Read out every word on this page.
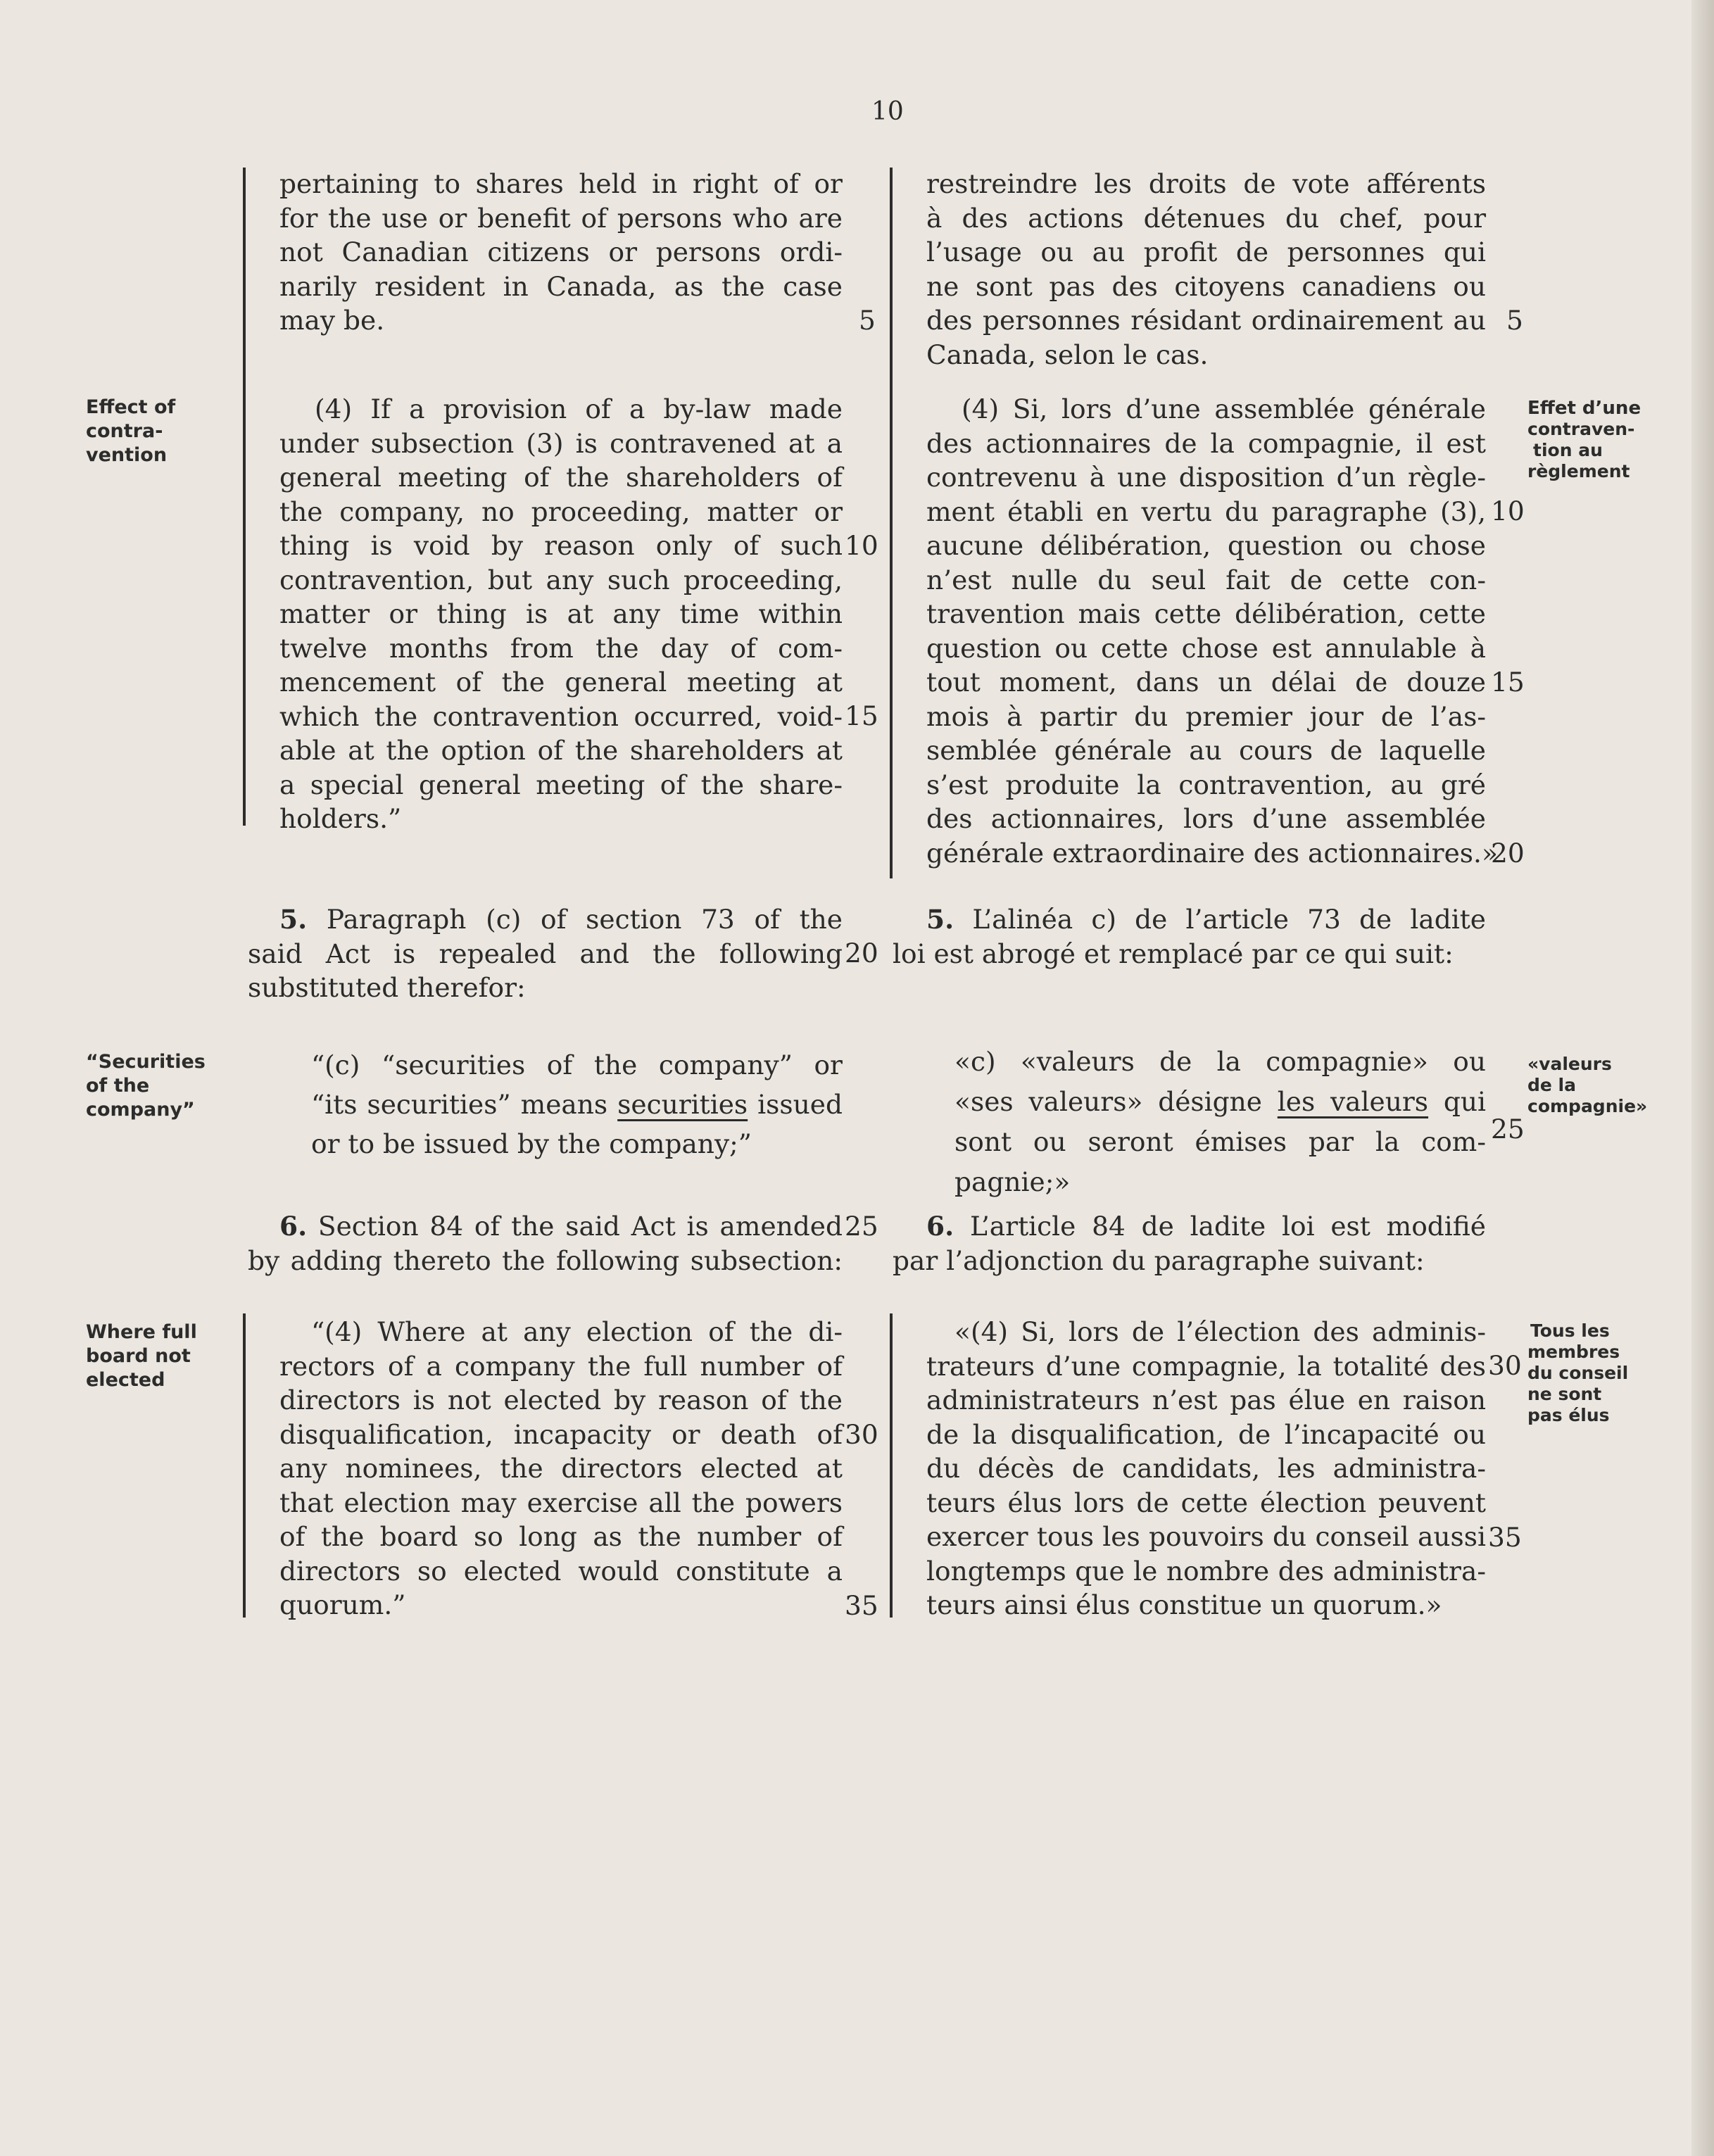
10
pertaining to shares held in right of or
for the use or benefit of persons who are
not Canadian citizens or persons ordi-
narily resident in Canada, as the case
may be.
(4) If a provision of a by-law made
under subsection (3) is contravened at a
general meeting of the shareholders of
the company, no proceeding, matter or
thing is void by reason only of such
contravention, but any such proceeding,
matter or thing is at any time within
twelve months from the day of com-
mencement of the general meeting at
which the contravention occurred, void-
able at the option of the shareholders at
a special general meeting of the share-
holders.”
5. Paragraph (c) of section 73 of the
said Act is repealed and the following
substituted therefor:
“(c) “securities of the company” or
“its securities” means securities issued
or to be issued by the company;”
6. Section 84 of the said Act is amended
by adding thereto the following subsection:
“(4) Where at any election of the di-
rectors of a company the full number of
directors is not elected by reason of the
disqualification, incapacity or death of
any nominees, the directors elected at
that election may exercise all the powers
of the board so long as the number of
directors so elected would constitute a
quorum.”
5
10
15
20
25
30
35
restreindre les droits de vote afférents
à des actions détenues du chef, pour
l’usage ou au profit de personnes qui
ne sont pas des citoyens canadiens ou
des personnes résidant ordinairement au
Canada, selon le cas.
(4) Si, lors d’une assemblée générale
des actionnaires de la compagnie, il est
contrevenu à une disposition d’un règle-
ment établi en vertu du paragraphe (3),
aucune délibération, question ou chose
n’est nulle du seul fait de cette con-
travention mais cette délibération, cette
question ou cette chose est annulable à
tout moment, dans un délai de douze
mois à partir du premier jour de l’as-
semblée générale au cours de laquelle
s’est produite la contravention, au gré
des actionnaires, lors d’une assemblée
générale extraordinaire des actionnaires.»
5. L’alinéa c) de l’article 73 de ladite
loi est abrogé et remplacé par ce qui suit:
«c) «valeurs de la compagnie» ou
«ses valeurs» désigne les valeurs qui
sont ou seront émises par la com-
pagnie;»
6. L’article 84 de ladite loi est modifié
par l’adjonction du paragraphe suivant:
«(4) Si, lors de l’élection des adminis-
trateurs d’une compagnie, la totalité des
administrateurs n’est pas élue en raison
de la disqualification, de l’incapacité ou
du décès de candidats, les administra-
teurs élus lors de cette élection peuvent
exercer tous les pouvoirs du conseil aussi
longtemps que le nombre des administra-
teurs ainsi élus constitue un quorum.»
5
10
15
20
25
30
35
Effect of
contra-
vention
Effet d’une
contraven-
tion au
règlement
“Securities
of the
company”
«valeurs
de la
compagnie»
Where full
board not
elected
Tous les
membres
du conseil
ne sont
pas élus
